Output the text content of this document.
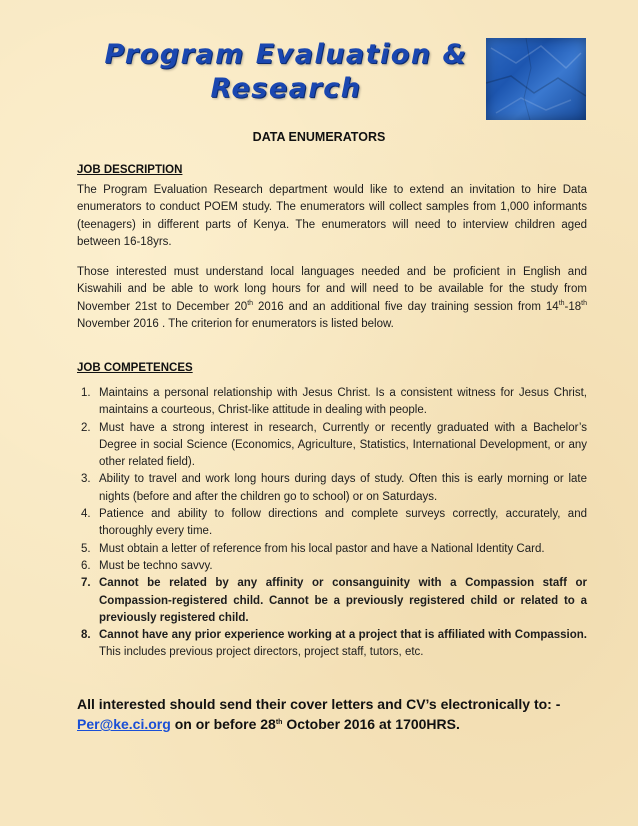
Program Evaluation &
Research
DATA ENUMERATORS
JOB DESCRIPTION
The Program Evaluation Research department would like to extend an invitation to hire Data enumerators to conduct POEM study. The enumerators will collect samples from 1,000 informants (teenagers) in different parts of Kenya. The enumerators will need to interview children aged between 16-18yrs.
Those interested must understand local languages needed and be proficient in English and Kiswahili and be able to work long hours for and will need to be available for the study from November 21st to December 20th 2016 and an additional five day training session from 14th-18th November 2016 . The criterion for enumerators is listed below.
JOB COMPETENCES
1. Maintains a personal relationship with Jesus Christ. Is a consistent witness for Jesus Christ, maintains a courteous, Christ-like attitude in dealing with people.
2. Must have a strong interest in research, Currently or recently graduated with a Bachelor’s Degree in social Science (Economics, Agriculture, Statistics, International Development, or any other related field).
3. Ability to travel and work long hours during days of study. Often this is early morning or late nights (before and after the children go to school) or on Saturdays.
4. Patience and ability to follow directions and complete surveys correctly, accurately, and thoroughly every time.
5. Must obtain a letter of reference from his local pastor and have a National Identity Card.
6. Must be techno savvy.
7. Cannot be related by any affinity or consanguinity with a Compassion staff or Compassion-registered child. Cannot be a previously registered child or related to a previously registered child.
8. Cannot have any prior experience working at a project that is affiliated with Compassion. This includes previous project directors, project staff, tutors, etc.
All interested should send their cover letters and CV’s electronically to: - Per@ke.ci.org on or before 28th October 2016 at 1700HRS.
